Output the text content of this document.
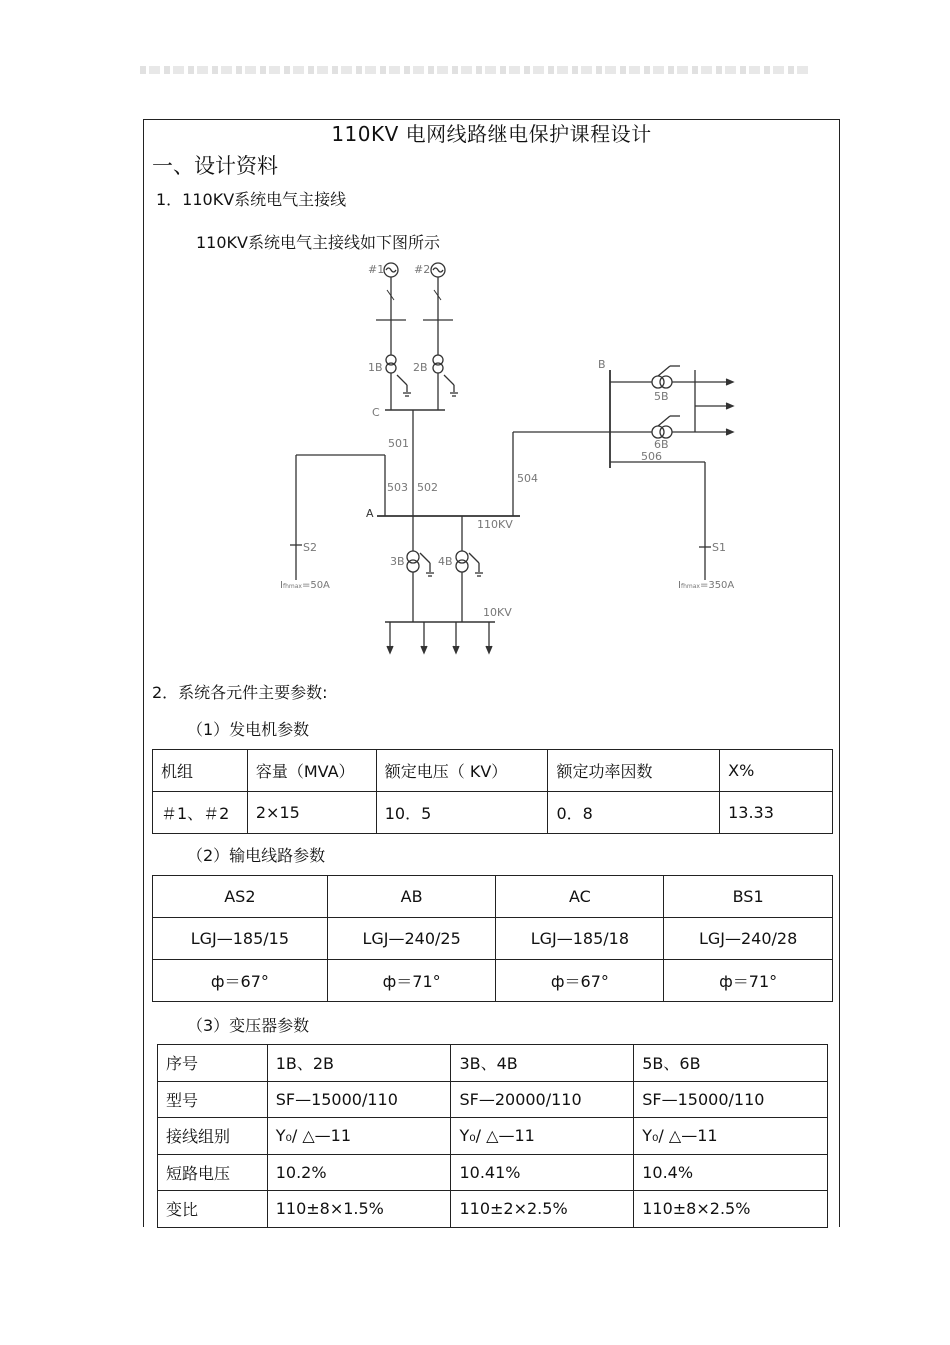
110KV 电网线路继电保护课程设计
一、设计资料
1．110KV系统电气主接线
110KV系统电气主接线如下图所示
#1	#2
1B	2B
C
501
502
503
S2
Ifhmax=50A
A
110KV
3B	4B
10KV
504
B
5B
6B
506
S1
Ifhmax=350A
2．系统各元件主要参数:
（1）发电机参数
机组	容量（MVA）	额定电压（ KV）	额定功率因数	X%
＃1、＃2	2×15	10．5	0．8	13.33
（2）输电线路参数
AS2	AB	AC	BS1
LGJ—185/15	LGJ—240/25	LGJ—185/18	LGJ—240/28
ф＝67°	ф＝71°	ф＝67°	ф＝71°
（3）变压器参数
序号	1B、2B	3B、4B	5B、6B
型号	SF—15000/110	SF—20000/110	SF—15000/110
接线组别	Y₀/ △—11	Y₀/ △—11	Y₀/ △—11
短路电压	10.2%	10.41%	10.4%
变比	110±8×1.5%	110±2×2.5%	110±8×2.5%
